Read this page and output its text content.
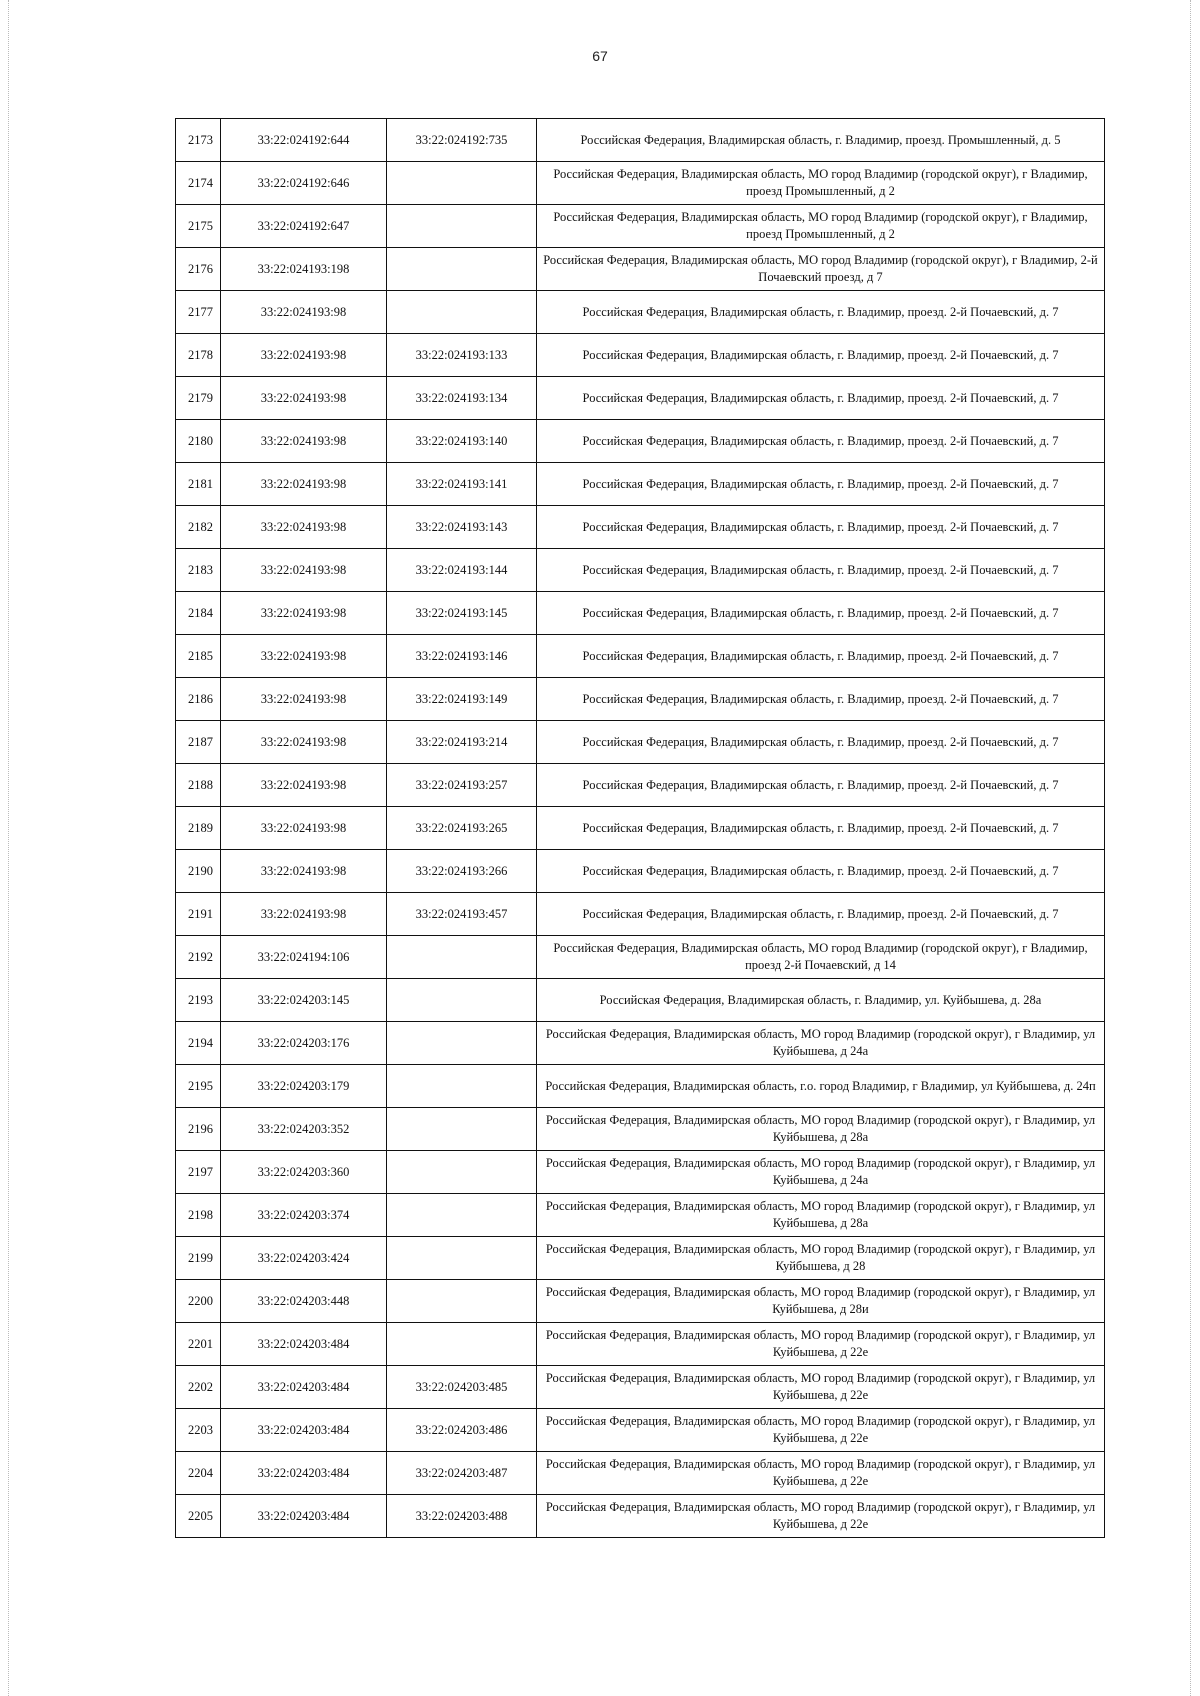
67
2173	33:22:024192:644	33:22:024192:735	Российская Федерация, Владимирская область, г. Владимир, проезд. Промышленный, д. 5
2174	33:22:024192:646		Российская Федерация, Владимирская область, МО город Владимир (городской округ), г Владимир, проезд Промышленный, д 2
2175	33:22:024192:647		Российская Федерация, Владимирская область, МО город Владимир (городской округ), г Владимир, проезд Промышленный, д 2
2176	33:22:024193:198		Российская Федерация, Владимирская область, МО город Владимир (городской округ), г Владимир, 2-й Почаевский проезд, д 7
2177	33:22:024193:98		Российская Федерация, Владимирская область, г. Владимир, проезд. 2-й Почаевский, д. 7
2178	33:22:024193:98	33:22:024193:133	Российская Федерация, Владимирская область, г. Владимир, проезд. 2-й Почаевский, д. 7
2179	33:22:024193:98	33:22:024193:134	Российская Федерация, Владимирская область, г. Владимир, проезд. 2-й Почаевский, д. 7
2180	33:22:024193:98	33:22:024193:140	Российская Федерация, Владимирская область, г. Владимир, проезд. 2-й Почаевский, д. 7
2181	33:22:024193:98	33:22:024193:141	Российская Федерация, Владимирская область, г. Владимир, проезд. 2-й Почаевский, д. 7
2182	33:22:024193:98	33:22:024193:143	Российская Федерация, Владимирская область, г. Владимир, проезд. 2-й Почаевский, д. 7
2183	33:22:024193:98	33:22:024193:144	Российская Федерация, Владимирская область, г. Владимир, проезд. 2-й Почаевский, д. 7
2184	33:22:024193:98	33:22:024193:145	Российская Федерация, Владимирская область, г. Владимир, проезд. 2-й Почаевский, д. 7
2185	33:22:024193:98	33:22:024193:146	Российская Федерация, Владимирская область, г. Владимир, проезд. 2-й Почаевский, д. 7
2186	33:22:024193:98	33:22:024193:149	Российская Федерация, Владимирская область, г. Владимир, проезд. 2-й Почаевский, д. 7
2187	33:22:024193:98	33:22:024193:214	Российская Федерация, Владимирская область, г. Владимир, проезд. 2-й Почаевский, д. 7
2188	33:22:024193:98	33:22:024193:257	Российская Федерация, Владимирская область, г. Владимир, проезд. 2-й Почаевский, д. 7
2189	33:22:024193:98	33:22:024193:265	Российская Федерация, Владимирская область, г. Владимир, проезд. 2-й Почаевский, д. 7
2190	33:22:024193:98	33:22:024193:266	Российская Федерация, Владимирская область, г. Владимир, проезд. 2-й Почаевский, д. 7
2191	33:22:024193:98	33:22:024193:457	Российская Федерация, Владимирская область, г. Владимир, проезд. 2-й Почаевский, д. 7
2192	33:22:024194:106		Российская Федерация, Владимирская область, МО город Владимир (городской округ), г Владимир, проезд 2-й Почаевский, д 14
2193	33:22:024203:145		Российская Федерация, Владимирская область, г. Владимир, ул. Куйбышева, д. 28а
2194	33:22:024203:176		Российская Федерация, Владимирская область, МО город Владимир (городской округ), г Владимир, ул Куйбышева, д 24а
2195	33:22:024203:179		Российская Федерация, Владимирская область, г.о. город Владимир, г Владимир, ул Куйбышева, д. 24п
2196	33:22:024203:352		Российская Федерация, Владимирская область, МО город Владимир (городской округ), г Владимир, ул Куйбышева, д 28а
2197	33:22:024203:360		Российская Федерация, Владимирская область, МО город Владимир (городской округ), г Владимир, ул Куйбышева, д 24а
2198	33:22:024203:374		Российская Федерация, Владимирская область, МО город Владимир (городской округ), г Владимир, ул Куйбышева, д 28а
2199	33:22:024203:424		Российская Федерация, Владимирская область, МО город Владимир (городской округ), г Владимир, ул Куйбышева, д 28
2200	33:22:024203:448		Российская Федерация, Владимирская область, МО город Владимир (городской округ), г Владимир, ул Куйбышева, д 28и
2201	33:22:024203:484		Российская Федерация, Владимирская область, МО город Владимир (городской округ), г Владимир, ул Куйбышева, д 22е
2202	33:22:024203:484	33:22:024203:485	Российская Федерация, Владимирская область, МО город Владимир (городской округ), г Владимир, ул Куйбышева, д 22е
2203	33:22:024203:484	33:22:024203:486	Российская Федерация, Владимирская область, МО город Владимир (городской округ), г Владимир, ул Куйбышева, д 22е
2204	33:22:024203:484	33:22:024203:487	Российская Федерация, Владимирская область, МО город Владимир (городской округ), г Владимир, ул Куйбышева, д 22е
2205	33:22:024203:484	33:22:024203:488	Российская Федерация, Владимирская область, МО город Владимир (городской округ), г Владимир, ул Куйбышева, д 22е
